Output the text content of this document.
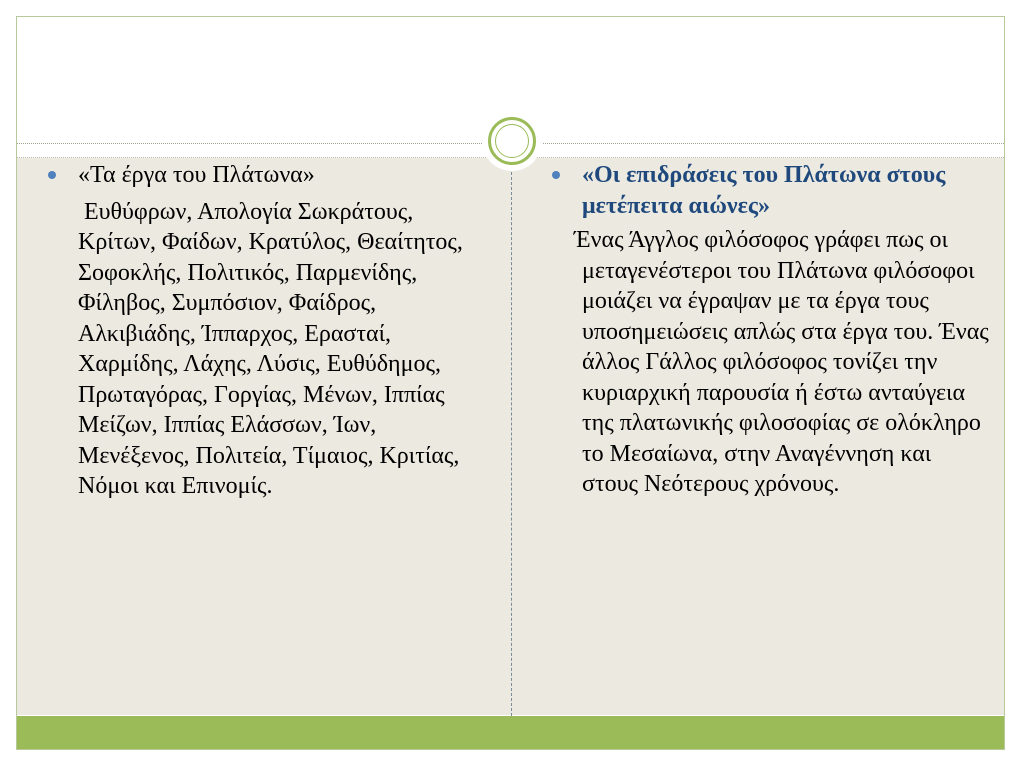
«Τα έργα του Πλάτωνα»
Ευθύφρων, Απολογία Σωκράτους, Κρίτων, Φαίδων, Κρατύλος, Θεαίτητος, Σοφοκλής, Πολιτικός, Παρμενίδης, Φίληβος, Συμπόσιον, Φαίδρος, Αλκιβιάδης, Ίππαρχος, Ερασταί, Χαρμίδης, Λάχης, Λύσις, Ευθύδημος, Πρωταγόρας, Γοργίας, Μένων, Ιππίας Μείζων, Ιππίας Ελάσσων, Ίων, Μενέξενος, Πολιτεία, Τίμαιος, Κριτίας, Νόμοι και Επινομίς.
«Οι επιδράσεις του Πλάτωνα στους μετέπειτα αιώνες»
Ένας Άγγλος φιλόσοφος γράφει πως οι μεταγενέστεροι του Πλάτωνα φιλόσοφοι μοιάζει να έγραψαν με τα έργα τους υποσημειώσεις απλώς στα έργα του. Ένας άλλος Γάλλος φιλόσοφος τονίζει την κυριαρχική παρουσία ή έστω ανταύγεια της πλατωνικής φιλοσοφίας σε ολόκληρο το Μεσαίωνα, στην Αναγέννηση και στους Νεότερους χρόνους.
